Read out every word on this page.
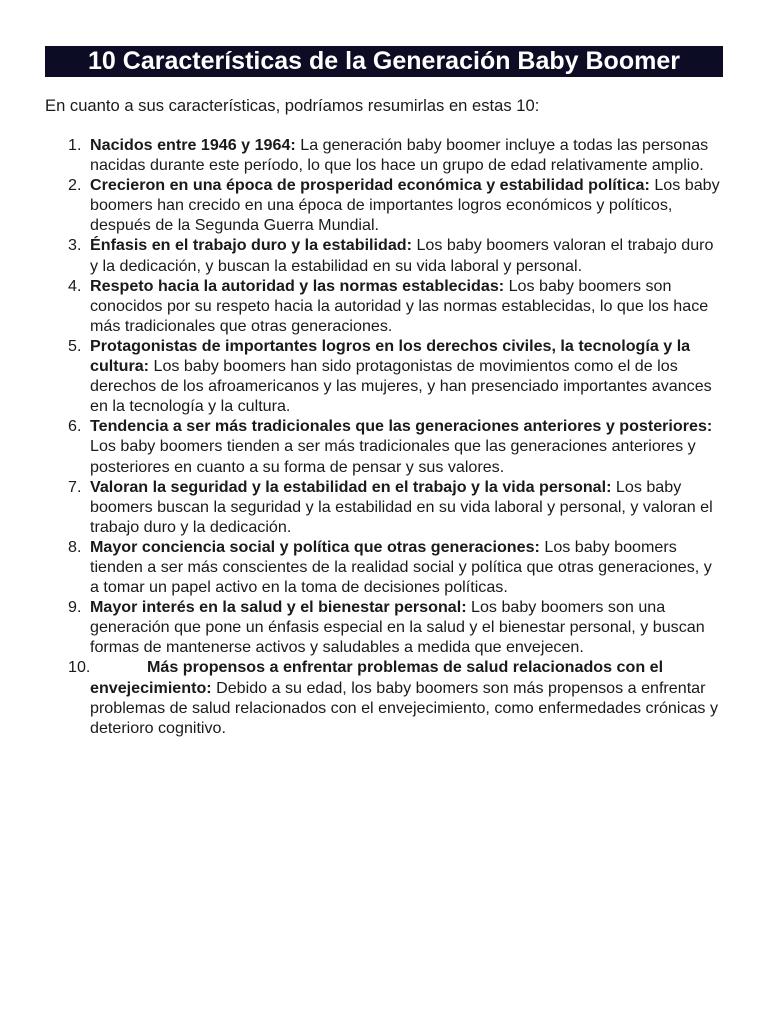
10 Características de la Generación Baby Boomer
En cuanto a sus características, podríamos resumirlas en estas 10:
1. Nacidos entre 1946 y 1964: La generación baby boomer incluye a todas las personas nacidas durante este período, lo que los hace un grupo de edad relativamente amplio.
2. Crecieron en una época de prosperidad económica y estabilidad política: Los baby boomers han crecido en una época de importantes logros económicos y políticos, después de la Segunda Guerra Mundial.
3. Énfasis en el trabajo duro y la estabilidad: Los baby boomers valoran el trabajo duro y la dedicación, y buscan la estabilidad en su vida laboral y personal.
4. Respeto hacia la autoridad y las normas establecidas: Los baby boomers son conocidos por su respeto hacia la autoridad y las normas establecidas, lo que los hace más tradicionales que otras generaciones.
5. Protagonistas de importantes logros en los derechos civiles, la tecnología y la cultura: Los baby boomers han sido protagonistas de movimientos como el de los derechos de los afroamericanos y las mujeres, y han presenciado importantes avances en la tecnología y la cultura.
6. Tendencia a ser más tradicionales que las generaciones anteriores y posteriores: Los baby boomers tienden a ser más tradicionales que las generaciones anteriores y posteriores en cuanto a su forma de pensar y sus valores.
7. Valoran la seguridad y la estabilidad en el trabajo y la vida personal: Los baby boomers buscan la seguridad y la estabilidad en su vida laboral y personal, y valoran el trabajo duro y la dedicación.
8. Mayor conciencia social y política que otras generaciones: Los baby boomers tienden a ser más conscientes de la realidad social y política que otras generaciones, y a tomar un papel activo en la toma de decisiones políticas.
9. Mayor interés en la salud y el bienestar personal: Los baby boomers son una generación que pone un énfasis especial en la salud y el bienestar personal, y buscan formas de mantenerse activos y saludables a medida que envejecen.
10.	Más propensos a enfrentar problemas de salud relacionados con el envejecimiento: Debido a su edad, los baby boomers son más propensos a enfrentar problemas de salud relacionados con el envejecimiento, como enfermedades crónicas y deterioro cognitivo.
